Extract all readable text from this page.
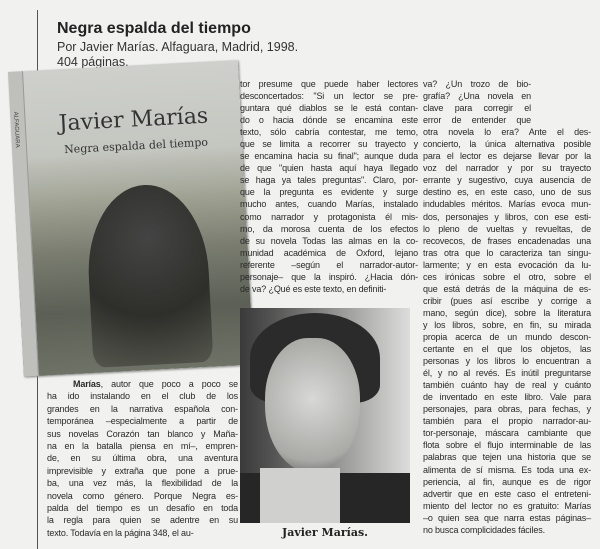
Negra espalda del tiempo
Por Javier Marías. Alfaguara, Madrid, 1998. 404 páginas.
ALFAGUARA Javier Marías
Negra espalda del tiempo
Javier Marías.
Marías, autor que poco a poco se
ha ido instalando en el club de los
grandes en la narrativa española con-
temporánea –especialmente a partir de
sus novelas Corazón tan blanco y Maña-
na en la batalla piensa en mí–, empren-
de, en su última obra, una aventura
imprevisible y extraña que pone a prue-
ba, una vez más, la flexibilidad de la
novela como género. Porque Negra es-
palda del tiempo es un desafío en toda
la regla para quien se adentre en su
texto. Todavía en la página 348, el au-
tor presume que puede haber lectores
desconcertados: "Si un lector se pre-
guntara qué diablos se le está contan-
do o hacia dónde se encamina este
texto, sólo cabría contestar, me temo,
que se limita a recorrer su trayecto y
se encamina hacia su final"; aunque duda
de que "quien hasta aquí haya llegado
se haga ya tales preguntas". Claro, por-
que la pregunta es evidente y surge
mucho antes, cuando Marías, instalado
como narrador y protagonista él mis-
mo, da morosa cuenta de los efectos
de su novela Todas las almas en la co-
munidad académica de Oxford, lejano
referente –según el narrador-autor-
personaje– que la inspiró. ¿Hacia dón-
de va? ¿Qué es este texto, en definiti-
va? ¿Un trozo de bio-
grafía? ¿Una novela en
clave para corregir el
error de entender que
otra novela lo era? Ante el des-
concierto, la única alternativa posible
para el lector es dejarse llevar por la
voz del narrador y por su trayecto
errante y sugestivo, cuya ausencia de
destino es, en este caso, uno de sus
indudables méritos. Marías evoca mun-
dos, personajes y libros, con ese esti-
lo pleno de vueltas y revueltas, de
recovecos, de frases encadenadas una
tras otra que lo caracteriza tan singu-
larmente; y en esta evocación da lu-
ces irónicas sobre el otro, sobre el
que está detrás de la máquina de es-
cribir (pues así escribe y corrige a
mano, según dice), sobre la literatura
y los libros, sobre, en fin, su mirada
propia acerca de un mundo descon-
certante en el que los objetos, las
personas y los libros lo encuentran a
él, y no al revés. Es inútil preguntarse
también cuánto hay de real y cuánto
de inventado en este libro. Vale para
personajes, para obras, para fechas, y
también para el propio narrador-au-
tor-personaje, máscara cambiante que
flota sobre el flujo interminable de las
palabras que tejen una historia que se
alimenta de sí misma. Es toda una ex-
periencia, al fin, aunque es de rigor
advertir que en este caso el entreteni-
miento del lector no es gratuito: Marías
–o quien sea que narra estas páginas–
no busca complicidades fáciles.
